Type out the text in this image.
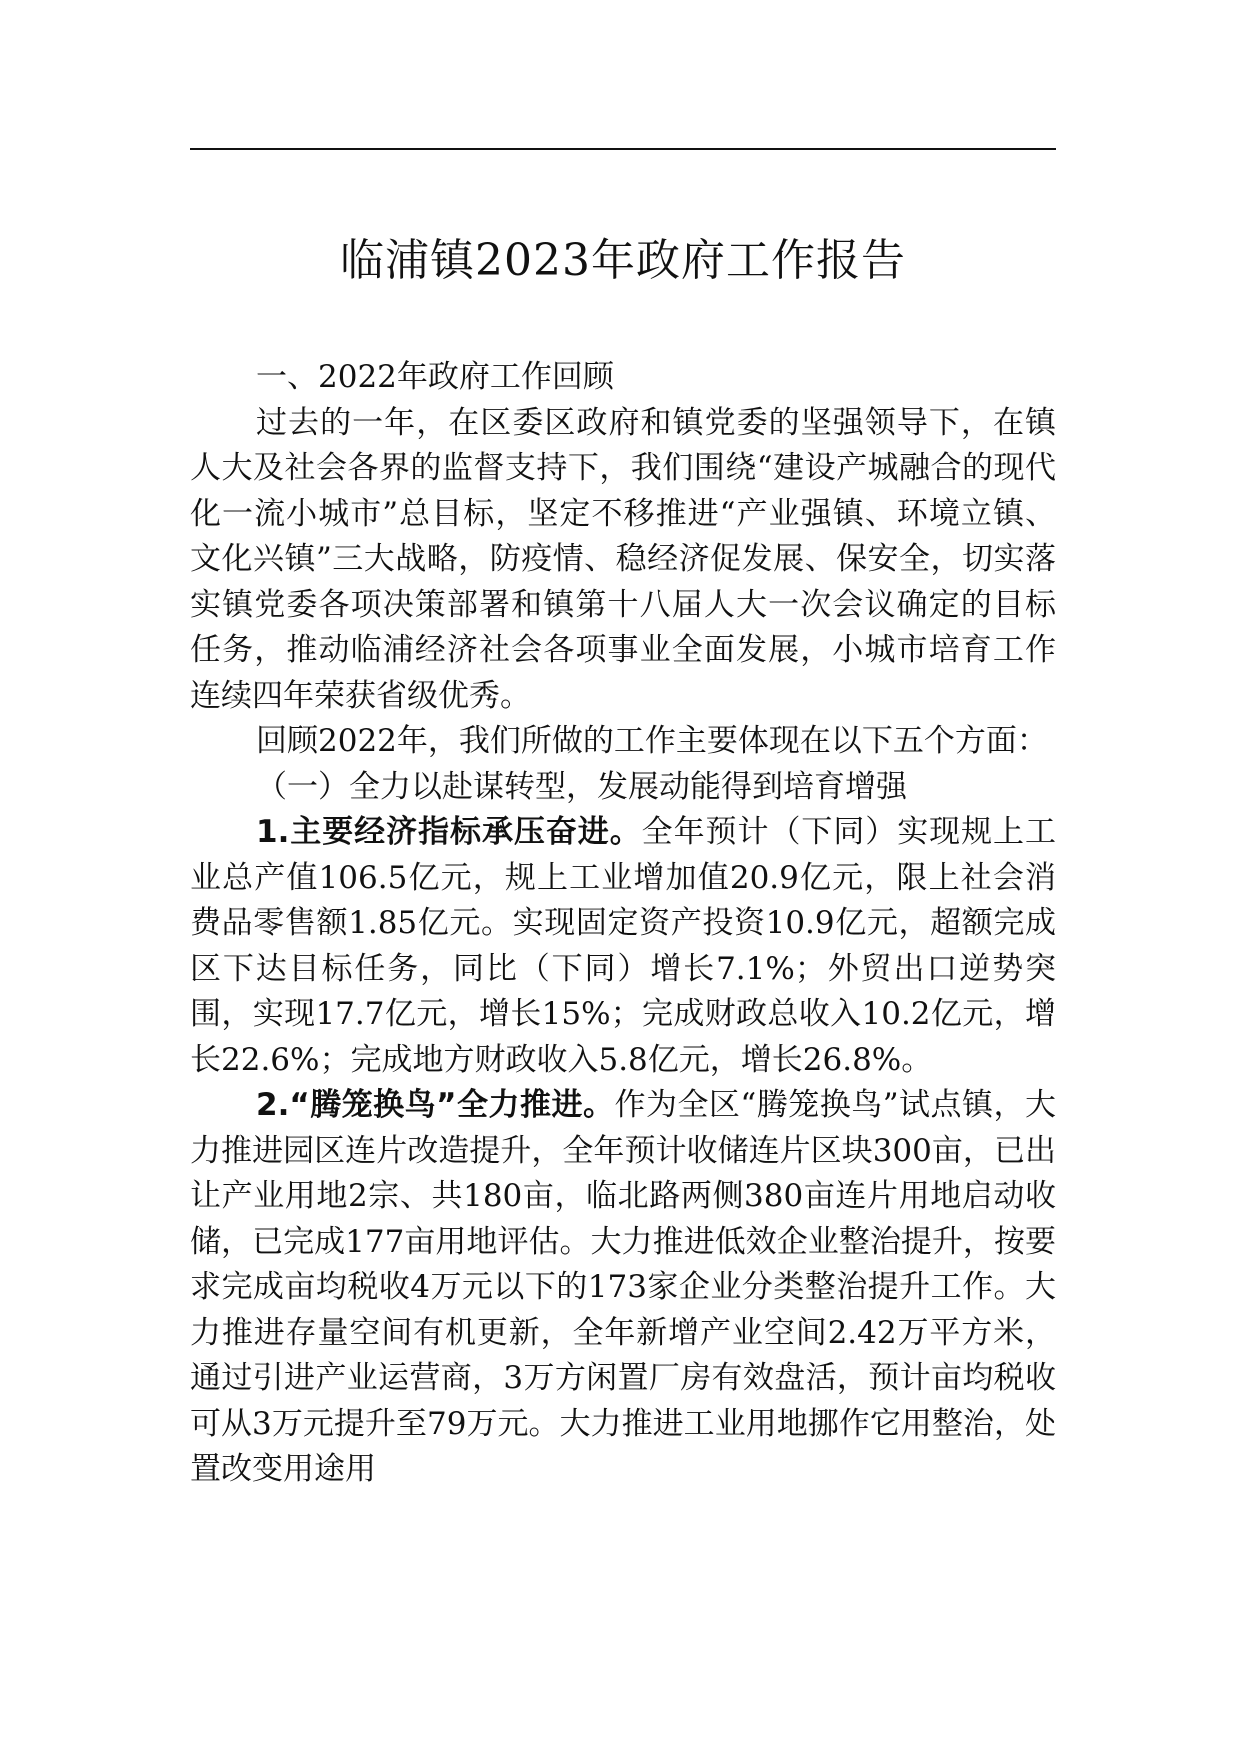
临浦镇2023年政府工作报告

一、2022年政府工作回顾

过去的一年，在区委区政府和镇党委的坚强领导下，在镇人大及社会各界的监督支持下，我们围绕“建设产城融合的现代化一流小城市”总目标，坚定不移推进“产业强镇、环境立镇、文化兴镇”三大战略，防疫情、稳经济促发展、保安全，切实落实镇党委各项决策部署和镇第十八届人大一次会议确定的目标任务，推动临浦经济社会各项事业全面发展，小城市培育工作连续四年荣获省级优秀。

回顾2022年，我们所做的工作主要体现在以下五个方面：

（一）全力以赴谋转型，发展动能得到培育增强

1.主要经济指标承压奋进。全年预计（下同）实现规上工业总产值106.5亿元，规上工业增加值20.9亿元，限上社会消费品零售额1.85亿元。实现固定资产投资10.9亿元，超额完成区下达目标任务，同比（下同）增长7.1%；外贸出口逆势突围，实现17.7亿元，增长15%；完成财政总收入10.2亿元，增长22.6%；完成地方财政收入5.8亿元，增长26.8%。

2.“腾笼换鸟”全力推进。作为全区“腾笼换鸟”试点镇，大力推进园区连片改造提升，全年预计收储连片区块300亩，已出让产业用地2宗、共180亩，临北路两侧380亩连片用地启动收储，已完成177亩用地评估。大力推进低效企业整治提升，按要求完成亩均税收4万元以下的173家企业分类整治提升工作。大力推进存量空间有机更新，全年新增产业空间2.42万平方米，通过引进产业运营商，3万方闲置厂房有效盘活，预计亩均税收可从3万元提升至79万元。大力推进工业用地挪作它用整治，处置改变用途用
